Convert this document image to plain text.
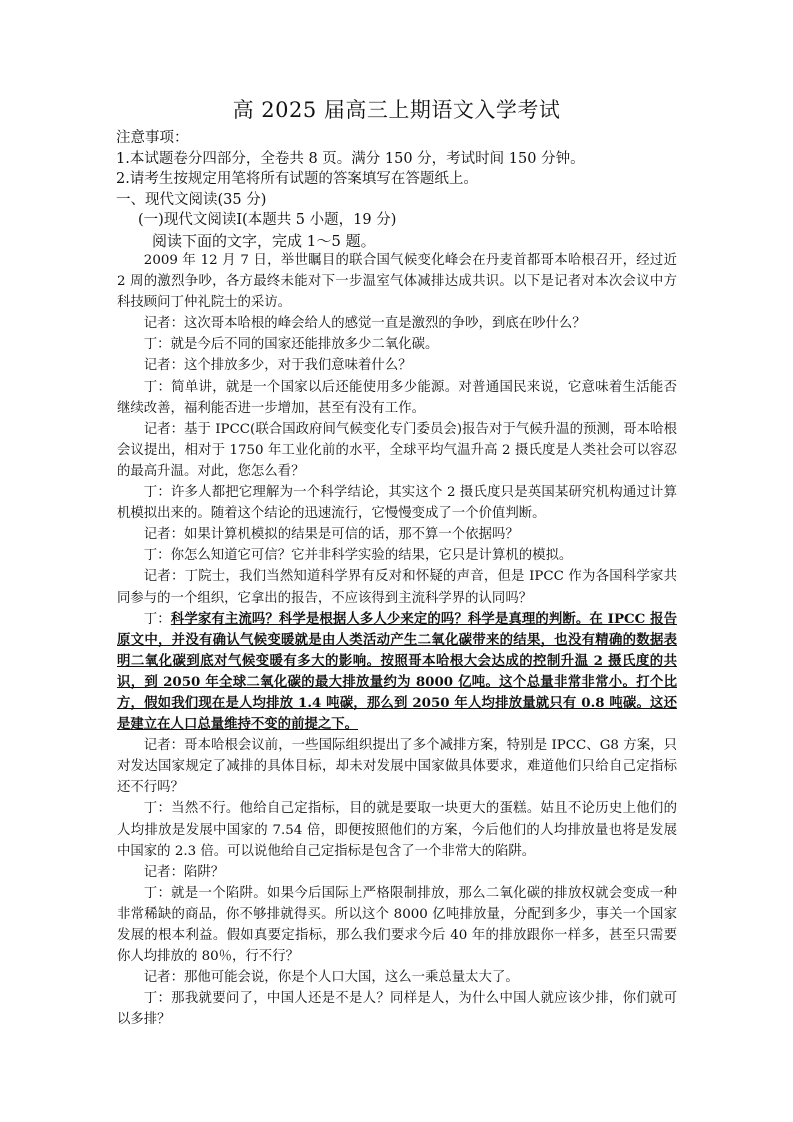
高 2025 届高三上期语文入学考试
注意事项：
1.本试题卷分四部分，全卷共 8 页。满分 150 分，考试时间 150 分钟。
2.请考生按规定用笔将所有试题的答案填写在答题纸上。
一、现代文阅读(35 分)
(一)现代文阅读Ⅰ(本题共 5 小题，19 分)
阅读下面的文字，完成 1～5 题。

2009 年 12 月 7 日，举世瞩目的联合国气候变化峰会在丹麦首都哥本哈根召开，经过近 2 周的激烈争吵，各方最终未能对下一步温室气体减排达成共识。以下是记者对本次会议中方科技顾问丁仲礼院士的采访。

记者：这次哥本哈根的峰会给人的感觉一直是激烈的争吵，到底在吵什么？

丁：就是今后不同的国家还能排放多少二氧化碳。

记者：这个排放多少，对于我们意味着什么？

丁：简单讲，就是一个国家以后还能使用多少能源。对普通国民来说，它意味着生活能否继续改善，福利能否进一步增加，甚至有没有工作。

记者：基于 IPCC(联合国政府间气候变化专门委员会)报告对于气候升温的预测，哥本哈根会议提出，相对于 1750 年工业化前的水平，全球平均气温升高 2 摄氏度是人类社会可以容忍的最高升温。对此，您怎么看？

丁：许多人都把它理解为一个科学结论，其实这个 2 摄氏度只是英国某研究机构通过计算机模拟出来的。随着这个结论的迅速流行，它慢慢变成了一个价值判断。

记者：如果计算机模拟的结果是可信的话，那不算一个依据吗？

丁：你怎么知道它可信？它并非科学实验的结果，它只是计算机的模拟。

记者：丁院士，我们当然知道科学界有反对和怀疑的声音，但是 IPCC 作为各国科学家共同参与的一个组织，它拿出的报告，不应该得到主流科学界的认同吗？

丁：科学家有主流吗？科学是根据人多人少来定的吗？科学是真理的判断。在 IPCC 报告原文中，并没有确认气候变暖就是由人类活动产生二氧化碳带来的结果，也没有精确的数据表明二氧化碳到底对气候变暖有多大的影响。按照哥本哈根大会达成的控制升温 2 摄氏度的共识，到 2050 年全球二氧化碳的最大排放量约为 8000 亿吨。这个总量非常非常小。打个比方，假如我们现在是人均排放 1.4 吨碳，那么到 2050 年人均排放量就只有 0.8 吨碳。这还是建立在人口总量维持不变的前提之下。

记者：哥本哈根会议前，一些国际组织提出了多个减排方案，特别是 IPCC、G8 方案，只对发达国家规定了减排的具体目标，却未对发展中国家做具体要求，难道他们只给自己定指标还不行吗？

丁：当然不行。他给自己定指标，目的就是要取一块更大的蛋糕。姑且不论历史上他们的人均排放是发展中国家的 7.54 倍，即便按照他们的方案，今后他们的人均排放量也将是发展中国家的 2.3 倍。可以说他给自己定指标是包含了一个非常大的陷阱。

记者：陷阱？

丁：就是一个陷阱。如果今后国际上严格限制排放，那么二氧化碳的排放权就会变成一种非常稀缺的商品，你不够排就得买。所以这个 8000 亿吨排放量，分配到多少，事关一个国家发展的根本利益。假如真要定指标，那么我们要求今后 40 年的排放跟你一样多，甚至只需要你人均排放的 80％，行不行？

记者：那他可能会说，你是个人口大国，这么一乘总量太大了。

丁：那我就要问了，中国人还是不是人？同样是人，为什么中国人就应该少排，你们就可以多排？
